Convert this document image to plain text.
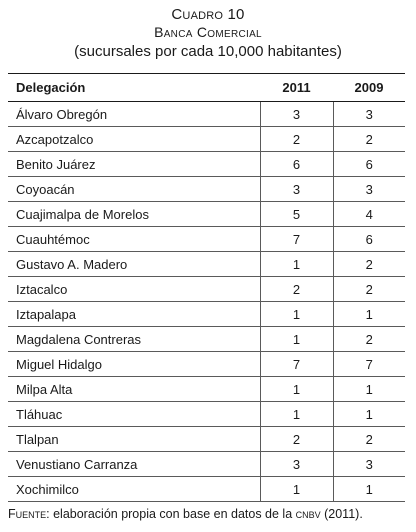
Cuadro 10
Banca Comercial
(sucursales por cada 10,000 habitantes)
Delegación	2011	2009
Álvaro Obregón	3	3
Azcapotzalco	2	2
Benito Juárez	6	6
Coyoacán	3	3
Cuajimalpa de Morelos	5	4
Cuauhtémoc	7	6
Gustavo A. Madero	1	2
Iztacalco	2	2
Iztapalapa	1	1
Magdalena Contreras	1	2
Miguel Hidalgo	7	7
Milpa Alta	1	1
Tláhuac	1	1
Tlalpan	2	2
Venustiano Carranza	3	3
Xochimilco	1	1
Fuente: elaboración propia con base en datos de la cnbv (2011).
